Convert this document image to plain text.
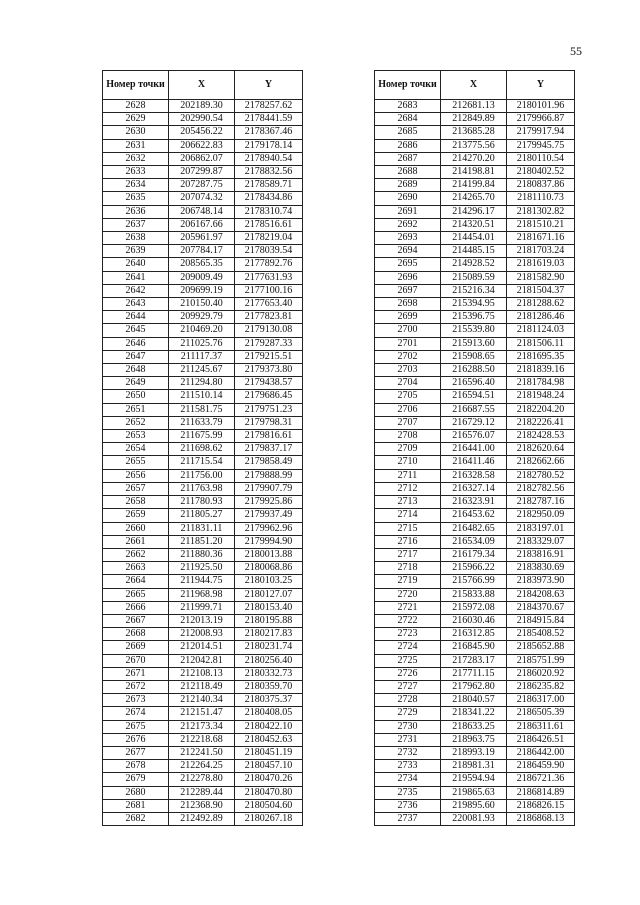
55
Номер точки	X	Y
2628	202189.30	2178257.62
2629	202990.54	2178441.59
2630	205456.22	2178367.46
2631	206622.83	2179178.14
2632	206862.07	2178940.54
2633	207299.87	2178832.56
2634	207287.75	2178589.71
2635	207074.32	2178434.86
2636	206748.14	2178310.74
2637	206167.66	2178516.61
2638	205961.97	2178219.04
2639	207784.17	2178039.54
2640	208565.35	2177892.76
2641	209009.49	2177631.93
2642	209699.19	2177100.16
2643	210150.40	2177653.40
2644	209929.79	2177823.81
2645	210469.20	2179130.08
2646	211025.76	2179287.33
2647	211117.37	2179215.51
2648	211245.67	2179373.80
2649	211294.80	2179438.57
2650	211510.14	2179686.45
2651	211581.75	2179751.23
2652	211633.79	2179798.31
2653	211675.99	2179816.61
2654	211698.62	2179837.17
2655	211715.54	2179858.49
2656	211756.00	2179888.99
2657	211763.98	2179907.79
2658	211780.93	2179925.86
2659	211805.27	2179937.49
2660	211831.11	2179962.96
2661	211851.20	2179994.90
2662	211880.36	2180013.88
2663	211925.50	2180068.86
2664	211944.75	2180103.25
2665	211968.98	2180127.07
2666	211999.71	2180153.40
2667	212013.19	2180195.88
2668	212008.93	2180217.83
2669	212014.51	2180231.74
2670	212042.81	2180256.40
2671	212108.13	2180332.73
2672	212118.49	2180359.70
2673	212140.34	2180375.37
2674	212151.47	2180408.05
2675	212173.34	2180422.10
2676	212218.68	2180452.63
2677	212241.50	2180451.19
2678	212264.25	2180457.10
2679	212278.80	2180470.26
2680	212289.44	2180470.80
2681	212368.90	2180504.60
2682	212492.89	2180267.18
Номер точки	X	Y
2683	212681.13	2180101.96
2684	212849.89	2179966.87
2685	213685.28	2179917.94
2686	213775.56	2179945.75
2687	214270.20	2180110.54
2688	214198.81	2180402.52
2689	214199.84	2180837.86
2690	214265.70	2181110.73
2691	214296.17	2181302.82
2692	214320.51	2181510.21
2693	214454.01	2181671.16
2694	214485.15	2181703.24
2695	214928.52	2181619.03
2696	215089.59	2181582.90
2697	215216.34	2181504.37
2698	215394.95	2181288.62
2699	215396.75	2181286.46
2700	215539.80	2181124.03
2701	215913.60	2181506.11
2702	215908.65	2181695.35
2703	216288.50	2181839.16
2704	216596.40	2181784.98
2705	216594.51	2181948.24
2706	216687.55	2182204.20
2707	216729.12	2182226.41
2708	216576.07	2182428.53
2709	216441.00	2182620.64
2710	216411.46	2182662.66
2711	216328.58	2182780.52
2712	216327.14	2182782.56
2713	216323.91	2182787.16
2714	216453.62	2182950.09
2715	216482.65	2183197.01
2716	216534.09	2183329.07
2717	216179.34	2183816.91
2718	215966.22	2183830.69
2719	215766.99	2183973.90
2720	215833.88	2184208.63
2721	215972.08	2184370.67
2722	216030.46	2184915.84
2723	216312.85	2185408.52
2724	216845.90	2185652.88
2725	217283.17	2185751.99
2726	217711.15	2186020.92
2727	217962.80	2186235.82
2728	218040.57	2186317.00
2729	218341.22	2186505.39
2730	218633.25	2186311.61
2731	218963.75	2186426.51
2732	218993.19	2186442.00
2733	218981.31	2186459.90
2734	219594.94	2186721.36
2735	219865.63	2186814.89
2736	219895.60	2186826.15
2737	220081.93	2186868.13
